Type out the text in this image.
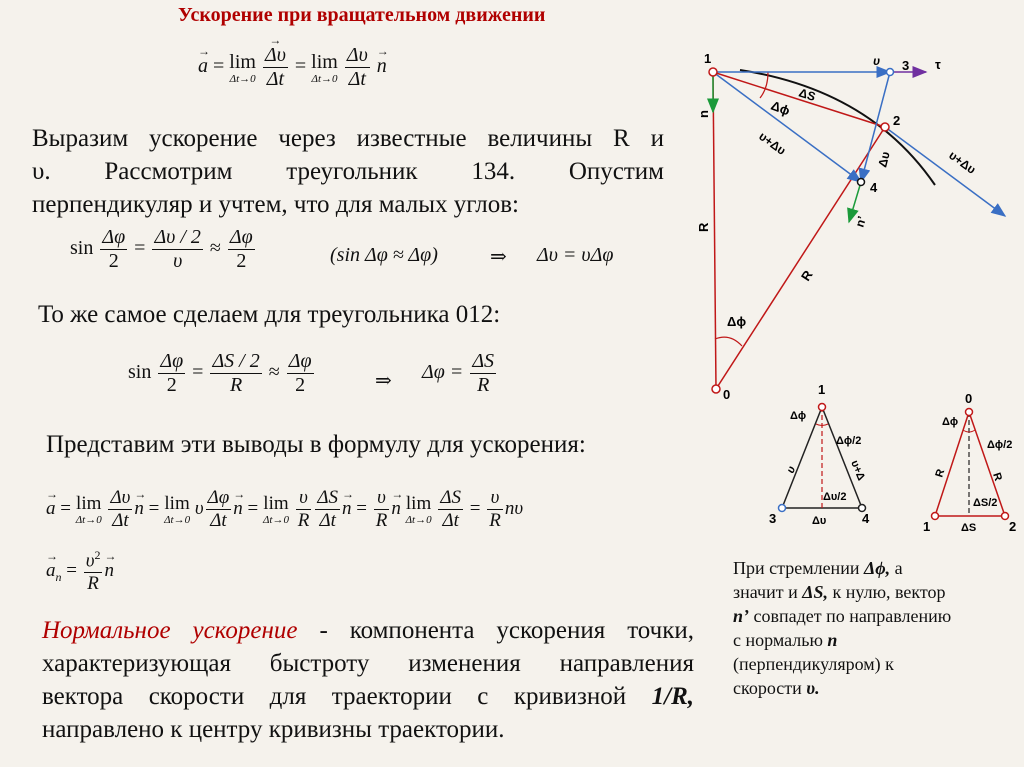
Ускорение при вращательном движении
→ a = lim
Δt→0

→ $\frac{\Delta\upsilon}{\Delta t} = \lim$
Δt→0
$\frac{\Delta\upsilon}{\Delta t}$
→ n
Выразим ускорение через известные величины R и
υ. Рассмотрим треугольник 134. Опустим
перпендикуляр и учтем, что для малых углов:
$\sin \frac{\Delta\varphi}{2} = \frac{\Delta\upsilon / 2}{\upsilon} \approx \frac{\Delta\varphi}{2}$	(sin Δφ ≈ Δφ)	⇒ Δυ = υΔφ
То же самое сделаем для треугольника 012:
$\sin \frac{\Delta\varphi}{2} = \frac{\Delta S / 2}{R} \approx \frac{\Delta\varphi}{2}$	⇒ $\Delta\varphi = \frac{\Delta S}{R}$
Представим эти выводы в формулу для ускорения:
→ a = lim
Δt→0
$\frac{\Delta\upsilon}{\Delta t}$
→ n = lim
Δt→0
υ $\frac{\Delta\varphi}{\Delta t}$
→ n = lim
Δt→0
$\frac{\upsilon}{R} \frac{\Delta S}{\Delta t}$
→ $n = \frac{\upsilon}{R}$
→ n lim
Δt→0
$\frac{\Delta S}{\Delta t} = \frac{\upsilon}{R}$ nυ
→ $a_n = \frac{\upsilon^2}{R}$
→ n
Нормальное ускорение - компонента ускорения точки,
характеризующая быстроту изменения направления
вектора скорости для траектории с кривизной 1/R,
направлено к центру кривизны траектории.
При стремлении Δϕ, а
значит и ΔS, к нулю, вектор
n’ совпадет по направлению
с нормалью n
(перпендикуляром) к
скорости υ.
1
2
3
4
0
τ
υ
ΔS
Δϕ
υ+Δυ
υ+Δυ
Δυ
n
n’
R
R
Δϕ
1
3	4
Δϕ
Δϕ/2
υ	υ+Δ
Δυ/2
Δυ
0
1	2
Δϕ
Δϕ/2
R	R
ΔS/2
ΔS
